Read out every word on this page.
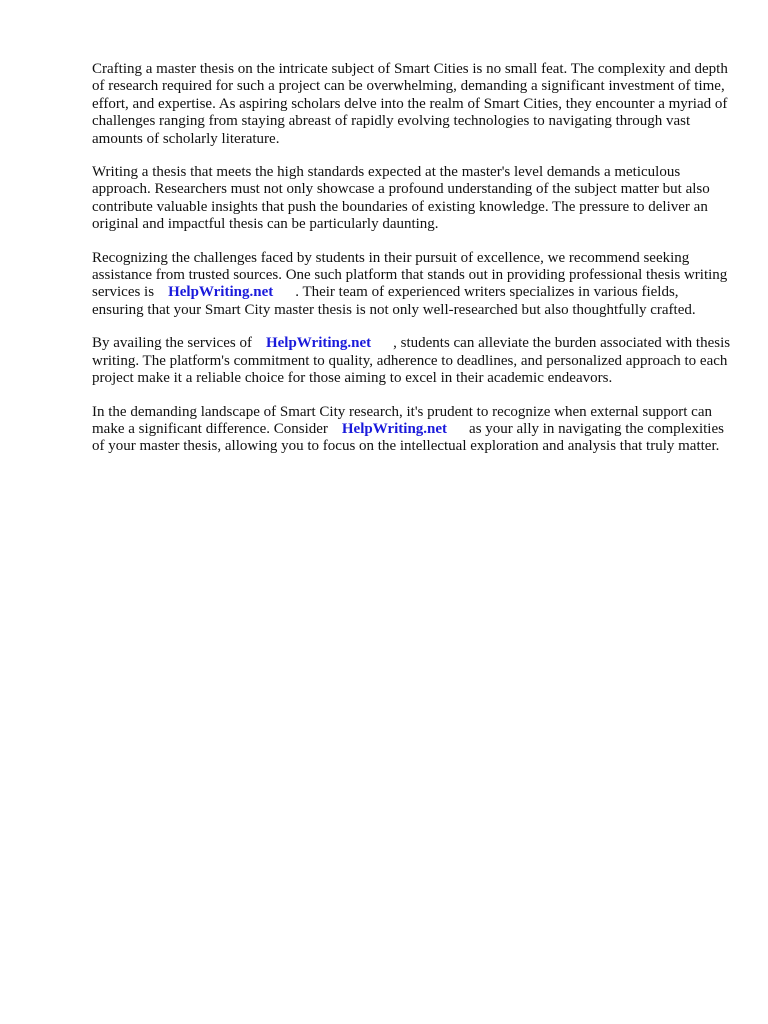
Crafting a master thesis on the intricate subject of Smart Cities is no small feat. The complexity and depth of research required for such a project can be overwhelming, demanding a significant investment of time, effort, and expertise. As aspiring scholars delve into the realm of Smart Cities, they encounter a myriad of challenges ranging from staying abreast of rapidly evolving technologies to navigating through vast amounts of scholarly literature.

Writing a thesis that meets the high standards expected at the master's level demands a meticulous approach. Researchers must not only showcase a profound understanding of the subject matter but also contribute valuable insights that push the boundaries of existing knowledge. The pressure to deliver an original and impactful thesis can be particularly daunting.

Recognizing the challenges faced by students in their pursuit of excellence, we recommend seeking assistance from trusted sources. One such platform that stands out in providing professional thesis writing services is HelpWriting.net . Their team of experienced writers specializes in various fields, ensuring that your Smart City master thesis is not only well-researched but also thoughtfully crafted.

By availing the services of HelpWriting.net , students can alleviate the burden associated with thesis writing. The platform's commitment to quality, adherence to deadlines, and personalized approach to each project make it a reliable choice for those aiming to excel in their academic endeavors.

In the demanding landscape of Smart City research, it's prudent to recognize when external support can make a significant difference. Consider HelpWriting.net as your ally in navigating the complexities of your master thesis, allowing you to focus on the intellectual exploration and analysis that truly matter.
